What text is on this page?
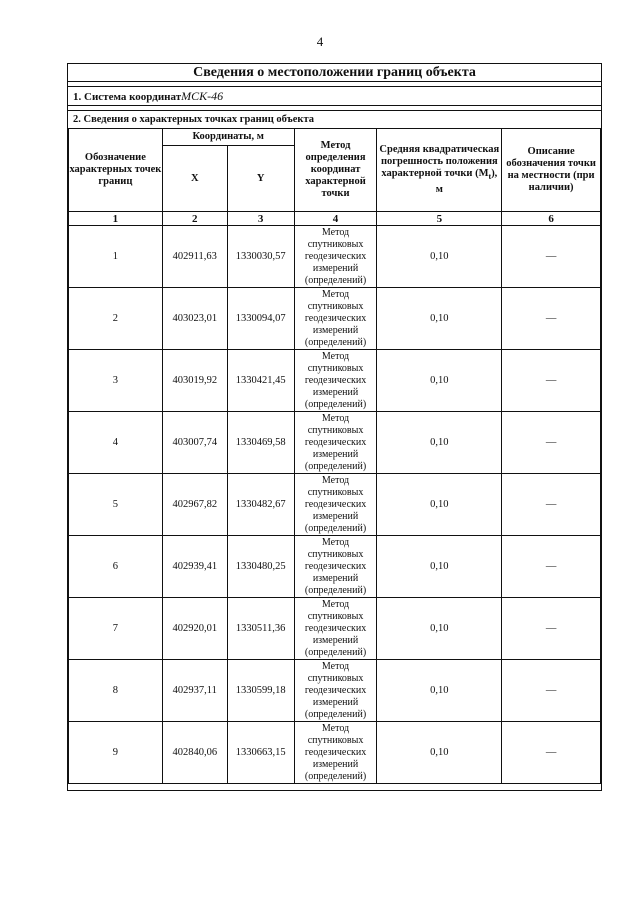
4
Сведения о местоположении границ объекта
1. Система координатМСК-46
2. Сведения о характерных точках границ объекта
Обозначение характерных точек границ	Координаты, м		Метод определения координат характерной точки	Средняя квадратическая погрешность положения характерной точки $(M_t)$, м	Описание обозначения точки на местности (при наличии)
	X	Y			
1	2	3	4	5	6
1	402911,63	1330030,57	Метод спутниковых геодезических измерений (определений)	0,10	—
2	403023,01	1330094,07	Метод спутниковых геодезических измерений (определений)	0,10	—
3	403019,92	1330421,45	Метод спутниковых геодезических измерений (определений)	0,10	—
4	403007,74	1330469,58	Метод спутниковых геодезических измерений (определений)	0,10	—
5	402967,82	1330482,67	Метод спутниковых геодезических измерений (определений)	0,10	—
6	402939,41	1330480,25	Метод спутниковых геодезических измерений (определений)	0,10	—
7	402920,01	1330511,36	Метод спутниковых геодезических измерений (определений)	0,10	—
8	402937,11	1330599,18	Метод спутниковых геодезических измерений (определений)	0,10	—
9	402840,06	1330663,15	Метод спутниковых геодезических измерений (определений)	0,10	—
